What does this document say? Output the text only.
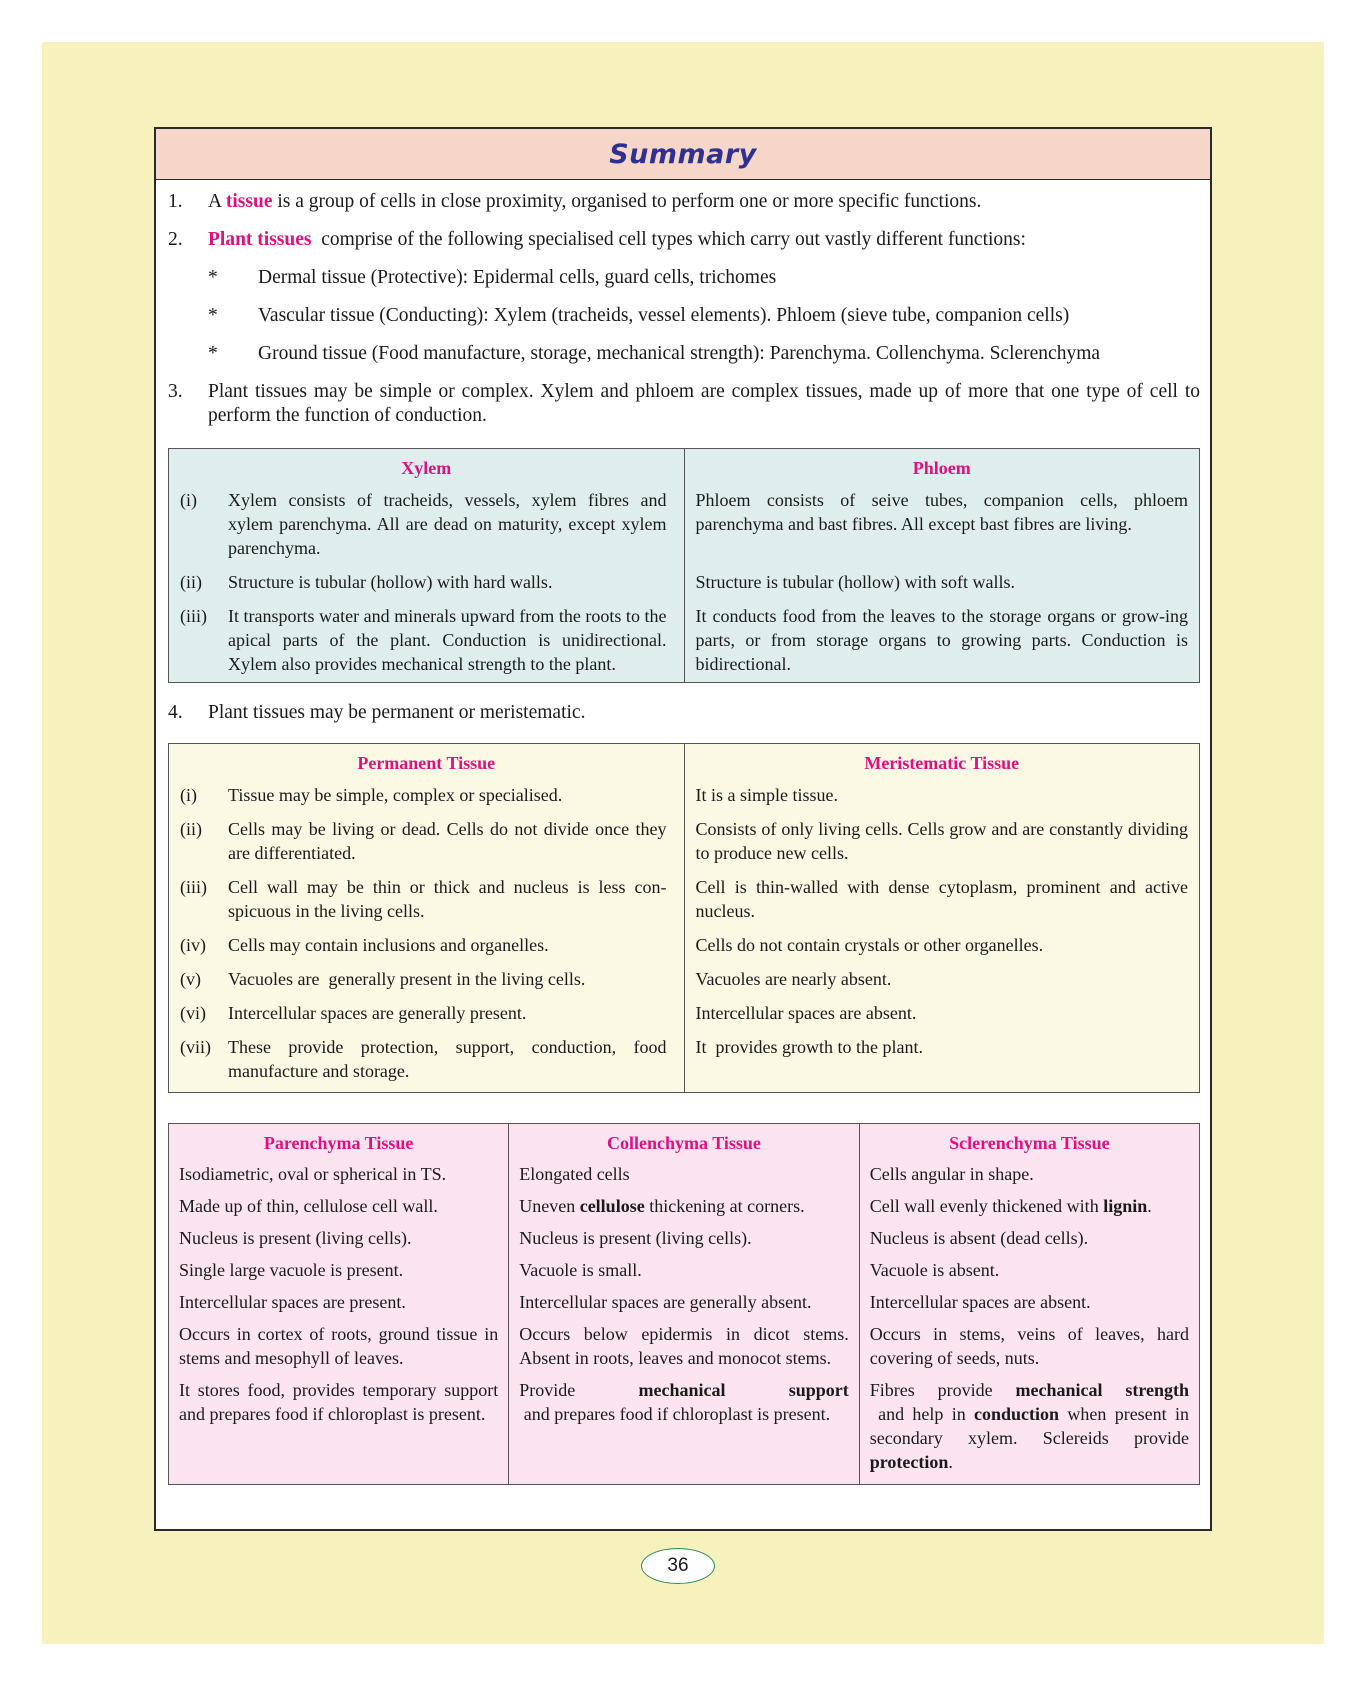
Summary
1.	A tissue is a group of cells in close proximity, organised to perform one or more specific functions.
2.	Plant tissues  comprise of the following specialised cell types which carry out vastly different functions:
*	Dermal tissue (Protective): Epidermal cells, guard cells, trichomes
*	Vascular tissue (Conducting): Xylem (tracheids, vessel elements). Phloem (sieve tube, companion cells)
*	Ground tissue (Food manufacture, storage, mechanical strength): Parenchyma. Collenchyma. Sclerenchyma
3.	Plant tissues may be simple or complex. Xylem and phloem are complex tissues, made up of more that one type of cell to perform the function of conduction.
Xylem	Phloem

(i) Xylem consists of tracheids, vessels, xylem fibres and xylem parenchyma. All are dead on maturity, except xylem parenchyma.	Phloem consists of seive tubes, companion cells, phloem parenchyma and bast fibres. All except bast fibres are living.

(ii) Structure is tubular (hollow) with hard walls.	Structure is tubular (hollow) with soft walls.

(iii) It transports water and minerals upward from the roots to the apical parts of the plant. Conduction is unidirectional. Xylem also provides mechanical strength to the plant.	It conducts food from the leaves to the storage organs or grow-ing parts, or from storage organs to growing parts. Conduction is bidirectional.
4.	Plant tissues may be permanent or meristematic.
Permanent Tissue	Meristematic Tissue

(i) Tissue may be simple, complex or specialised.	It is a simple tissue.

(ii) Cells may be living or dead. Cells do not divide once they are differentiated.	Consists of only living cells. Cells grow and are constantly dividing to produce new cells.

(iii) Cell wall may be thin or thick and nucleus is less con-spicuous in the living cells.	Cell is thin-walled with dense cytoplasm, prominent and active nucleus.

(iv) Cells may contain inclusions and organelles.	Cells do not contain crystals or other organelles.

(v) Vacuoles are  generally present in the living cells.	Vacuoles are nearly absent.

(vi) Intercellular spaces are generally present.	Intercellular spaces are absent.

(vii) These provide protection, support, conduction, food manufacture and storage.	It  provides growth to the plant.
Parenchyma Tissue	Collenchyma Tissue	Sclerenchyma Tissue
Isodiametric, oval or spherical in TS.	Elongated cells	Cells angular in shape.
Made up of thin, cellulose cell wall.	Uneven cellulose thickening at corners.	Cell wall evenly thickened with lignin.
Nucleus is present (living cells).	Nucleus is present (living cells).	Nucleus is absent (dead cells).
Single large vacuole is present.	Vacuole is small.	Vacuole is absent.
Intercellular spaces are present.	Intercellular spaces are generally absent.	Intercellular spaces are absent.
Occurs in cortex of roots, ground tissue in stems and mesophyll of leaves.	Occurs below epidermis in dicot stems. Absent in roots, leaves and monocot stems.	Occurs in stems, veins of leaves, hard covering of seeds, nuts.
It stores food, provides temporary support and prepares food if chloroplast is present.	Provide mechanical support and prepares food if chloroplast is present.	Fibres provide mechanical strength and help in conduction when present in secondary xylem. Sclereids provide protection.
36
